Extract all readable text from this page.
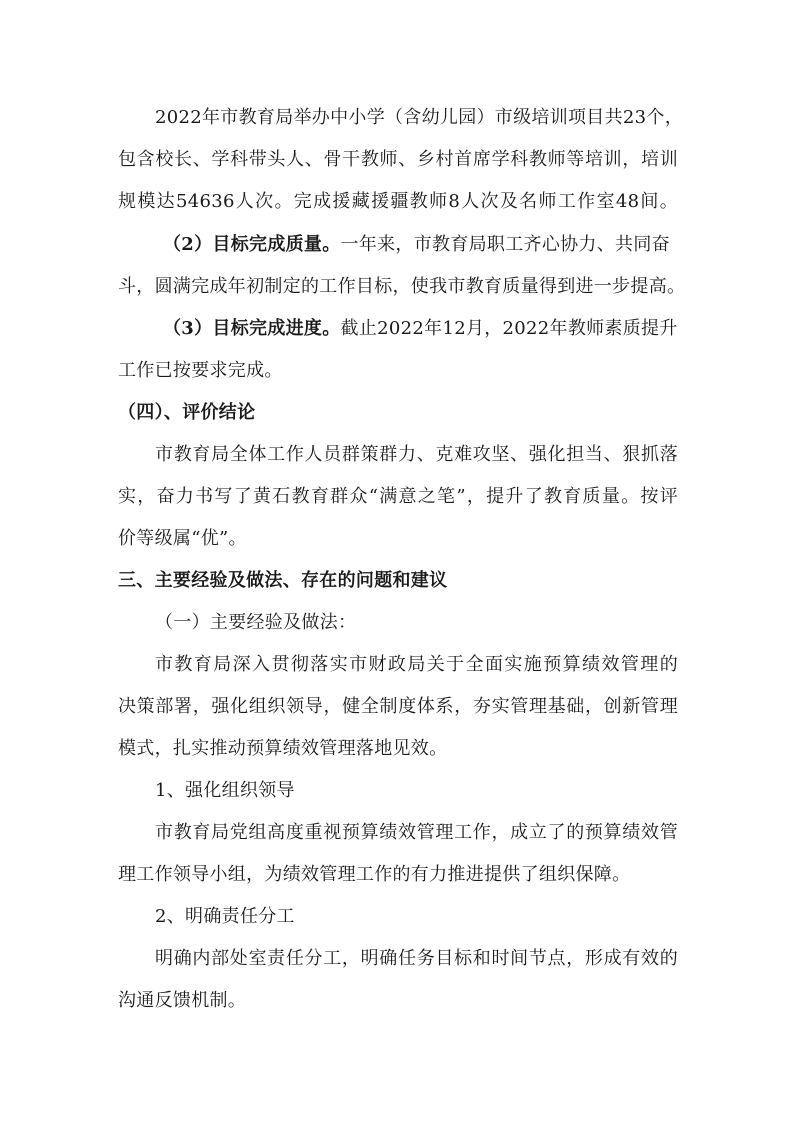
2022年市教育局举办中小学（含幼儿园）市级培训项目共23个，
包含校长、学科带头人、骨干教师、乡村首席学科教师等培训，培训
规模达54636人次。完成援藏援疆教师8人次及名师工作室48间。
（2）目标完成质量。一年来，市教育局职工齐心协力、共同奋
斗，圆满完成年初制定的工作目标，使我市教育质量得到进一步提高。
（3）目标完成进度。截止2022年12月，2022年教师素质提升
工作已按要求完成。
（四）、评价结论
市教育局全体工作人员群策群力、克难攻坚、强化担当、狠抓落
实，奋力书写了黄石教育群众“满意之笔”，提升了教育质量。按评
价等级属“优”。
三、主要经验及做法、存在的问题和建议
（一）主要经验及做法：
市教育局深入贯彻落实市财政局关于全面实施预算绩效管理的
决策部署，强化组织领导，健全制度体系，夯实管理基础，创新管理
模式，扎实推动预算绩效管理落地见效。
1、强化组织领导
市教育局党组高度重视预算绩效管理工作，成立了的预算绩效管
理工作领导小组，为绩效管理工作的有力推进提供了组织保障。
2、明确责任分工
明确内部处室责任分工，明确任务目标和时间节点，形成有效的
沟通反馈机制。
